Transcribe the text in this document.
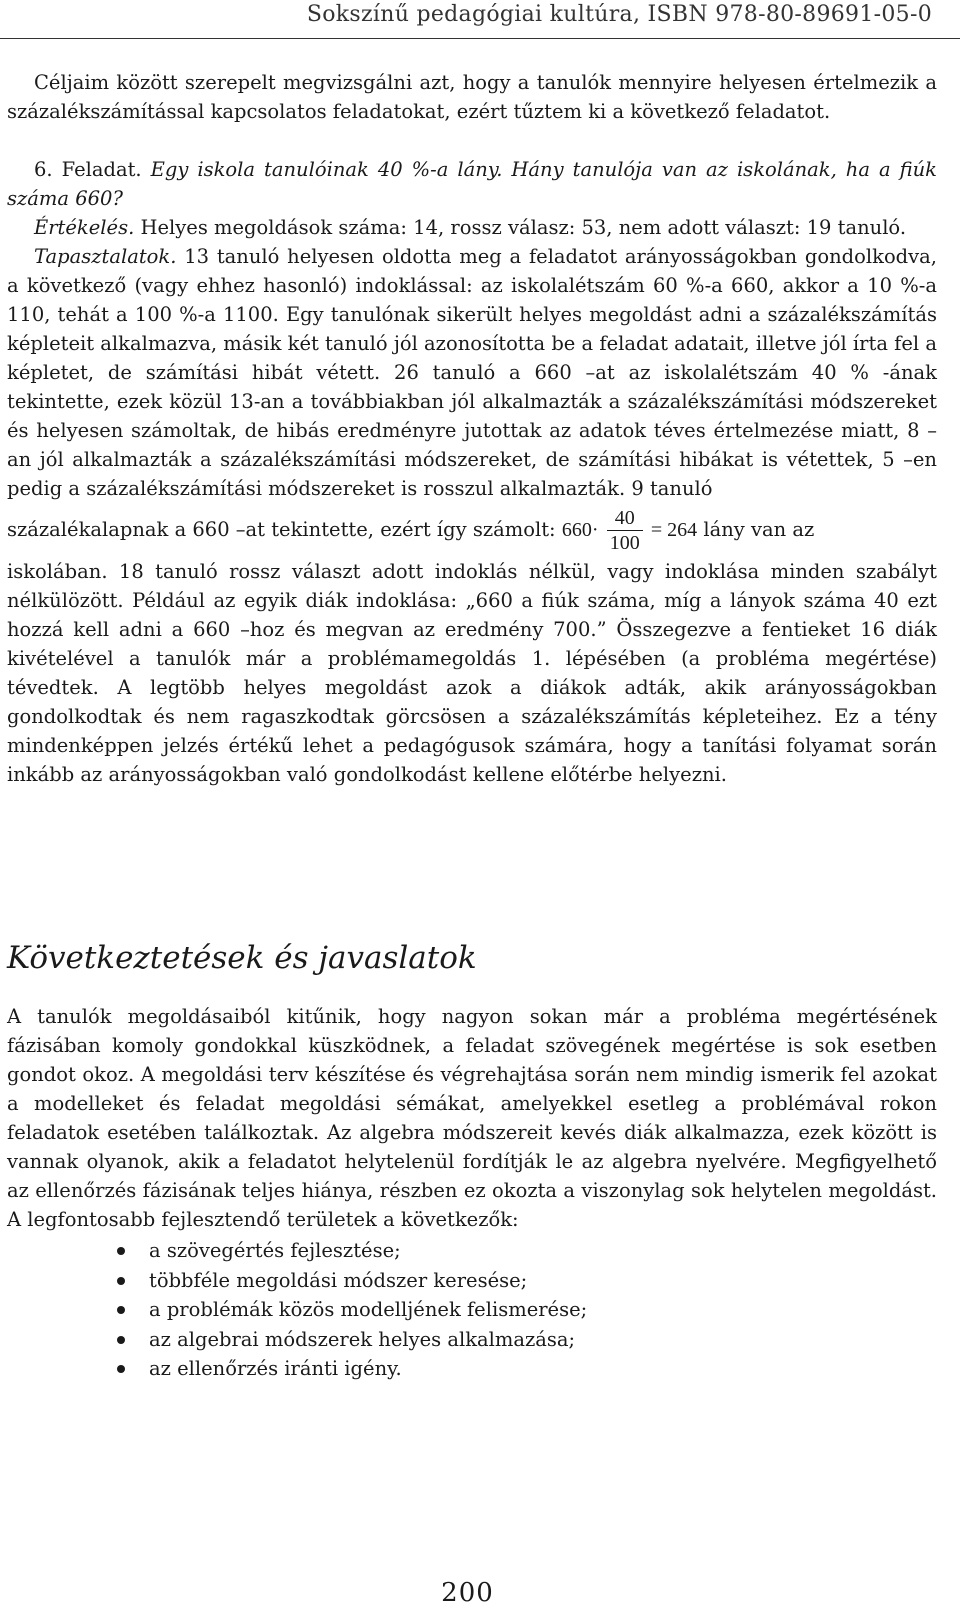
Sokszínű pedagógiai kultúra, ISBN 978-80-89691-05-0

Céljaim között szerepelt megvizsgálni azt, hogy a tanulók mennyire helyesen értelmezik a százalékszámítással kapcsolatos feladatokat, ezért tűztem ki a következő feladatot.

6. Feladat. Egy iskola tanulóinak 40 %-a lány. Hány tanulója van az iskolának, ha a fiúk száma 660?

Értékelés. Helyes megoldások száma: 14, rossz válasz: 53, nem adott választ: 19 tanuló.

Tapasztalatok. 13 tanuló helyesen oldotta meg a feladatot arányosságokban gondolkodva, a következő (vagy ehhez hasonló) indoklással: az iskolalétszám 60 %-a 660, akkor a 10 %-a 110, tehát a 100 %-a 1100. Egy tanulónak sikerült helyes megoldást adni a százalékszámítás képleteit alkalmazva, másik két tanuló jól azonosította be a feladat adatait, illetve jól írta fel a képletet, de számítási hibát vétett. 26 tanuló a 660 –at az iskolalétszám 40 % -ának tekintette, ezek közül 13-an a továbbiakban jól alkalmazták a százalékszámítási módszereket és helyesen számoltak, de hibás eredményre jutottak az adatok téves értelmezése miatt, 8 –an jól alkalmazták a százalékszámítási módszereket, de számítási hibákat is vétettek, 5 –en pedig a százalékszámítási módszereket is rosszul alkalmazták. 9 tanuló

százalékalapnak a 660 –at tekintette, ezért így számolt: $660\cdot \frac{40}{100} = 264$ lány van az

iskolában. 18 tanuló rossz választ adott indoklás nélkül, vagy indoklása minden szabályt nélkülözött. Például az egyik diák indoklása: „660 a fiúk száma, míg a lányok száma 40 ezt hozzá kell adni a 660 –hoz és megvan az eredmény 700.” Összegezve a fentieket 16 diák kivételével a tanulók már a problémamegoldás 1. lépésében (a probléma megértése) tévedtek. A legtöbb helyes megoldást azok a diákok adták, akik arányosságokban gondolkodtak és nem ragaszkodtak görcsösen a százalékszámítás képleteihez. Ez a tény mindenképpen jelzés értékű lehet a pedagógusok számára, hogy a tanítási folyamat során inkább az arányosságokban való gondolkodást kellene előtérbe helyezni.

Következtetések és javaslatok

A tanulók megoldásaiból kitűnik, hogy nagyon sokan már a probléma megértésének fázisában komoly gondokkal küszködnek, a feladat szövegének megértése is sok esetben gondot okoz. A megoldási terv készítése és végrehajtása során nem mindig ismerik fel azokat a modelleket és feladat megoldási sémákat, amelyekkel esetleg a problémával rokon feladatok esetében találkoztak. Az algebra módszereit kevés diák alkalmazza, ezek között is vannak olyanok, akik a feladatot helytelenül fordítják le az algebra nyelvére. Megfigyelhető az ellenőrzés fázisának teljes hiánya, részben ez okozta a viszonylag sok helytelen megoldást. A legfontosabb fejlesztendő területek a következők:

a szövegértés fejlesztése;
többféle megoldási módszer keresése;
a problémák közös modelljének felismerése;
az algebrai módszerek helyes alkalmazása;
az ellenőrzés iránti igény.
200
